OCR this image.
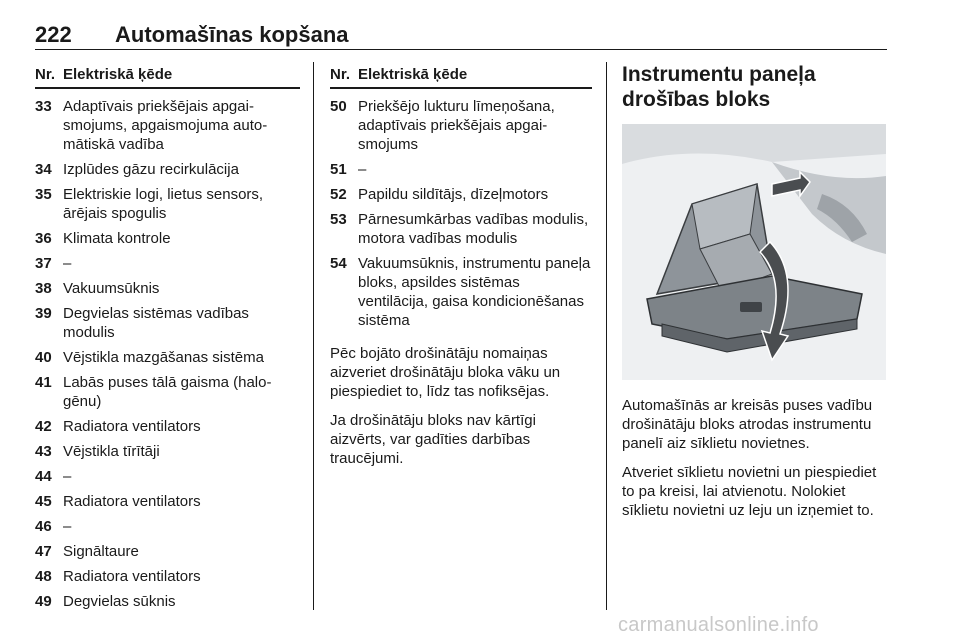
222 Automašīnas kopšana
Nr. Elektriskā ķēde
33 Adaptīvais priekšējais apgaismojums, apgaismojuma automātiskā vadība
34 Izplūdes gāzu recirkulācija
35 Elektriskie logi, lietus sensors, ārējais spogulis
36 Klimata kontrole
37 –
38 Vakuumsūknis
39 Degvielas sistēmas vadības modulis
40 Vējstikla mazgāšanas sistēma
41 Labās puses tālā gaisma (halogēnu)
42 Radiatora ventilators
43 Vējstikla tīrītāji
44 –
45 Radiatora ventilators
46 –
47 Signāltaure
48 Radiatora ventilators
49 Degvielas sūknis
Nr. Elektriskā ķēde
50 Priekšējo lukturu līmeņošana, adaptīvais priekšējais apgaismojums
51 –
52 Papildu sildītājs, dīzeļmotors
53 Pārnesumkārbas vadības modulis, motora vadības modulis
54 Vakuumsūknis, instrumentu paneļa bloks, apsildes sistēmas ventilācija, gaisa kondicionēšanas sistēma

Pēc bojāto drošinātāju nomaiņas aizveriet drošinātāju bloka vāku un piespiediet to, līdz tas nofiksējas.

Ja drošinātāju bloks nav kārtīgi aizvērts, var gadīties darbības traucējumi.

Instrumentu paneļa drošības bloks

Automašīnās ar kreisās puses vadību drošinātāju bloks atrodas instrumentu panelī aiz sīklietu novietnes.

Atveriet sīklietu novietni un piespiediet to pa kreisi, lai atvienotu. Nolokiet sīklietu novietni uz leju un izņemiet to.

carmanualsonline.info
